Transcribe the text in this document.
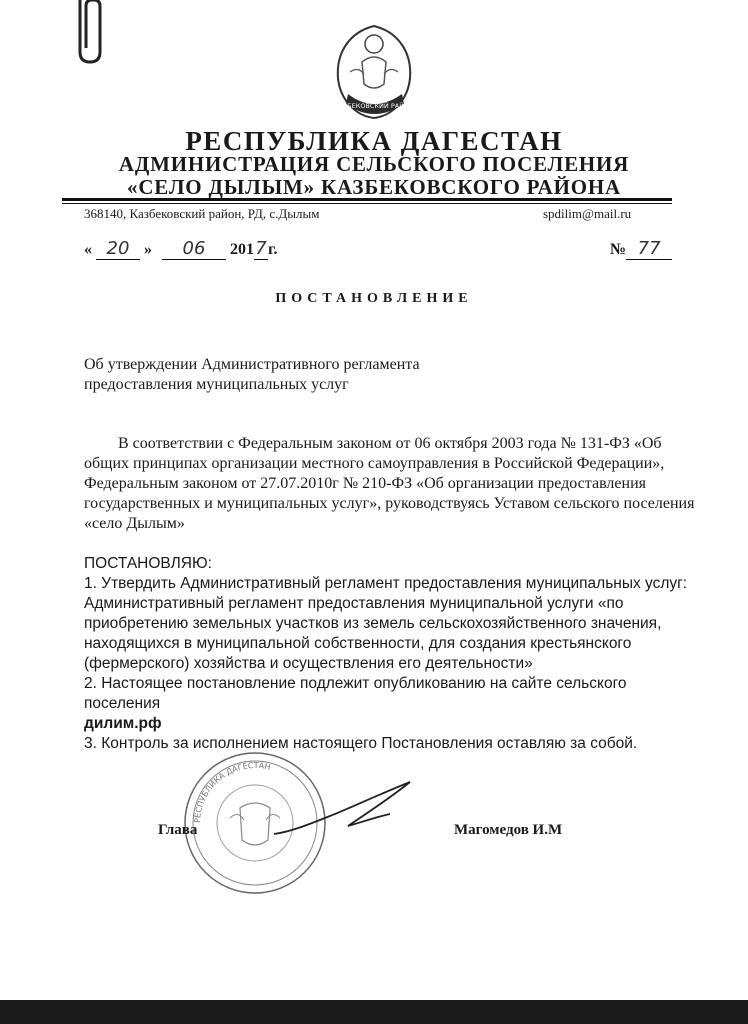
КАЗБЕКОВСКИЙ РАЙОН
РЕСПУБЛИКА ДАГЕСТАН
АДМИНИСТРАЦИЯ СЕЛЬСКОГО ПОСЕЛЕНИЯ
«СЕЛО ДЫЛЫМ» КАЗБЕКОВСКОГО РАЙОНА
368140, Казбековский район, РД, с.Дылым	spdilim@mail.ru
« 20 » 06 2017г.	№ 77
ПОСТАНОВЛЕНИЕ
Об утверждении Административного регламента
предоставления муниципальных услуг

В соответствии с Федеральным законом от 06 октября 2003 года № 131-ФЗ «Об общих принципах организации местного самоуправления в Российской Федерации», Федеральным законом от 27.07.2010г № 210-ФЗ «Об организации предоставления государственных и муниципальных услуг», руководствуясь Уставом сельского поселения «село Дылым»

ПОСТАНОВЛЯЮ:

1. Утвердить Административный регламент предоставления муниципальных услуг:

Административный регламент предоставления муниципальной услуги «по приобретению земельных участков из земель сельскохозяйственного значения, находящихся в муниципальной собственности, для создания крестьянского (фермерского) хозяйства и осуществления его деятельности»

2. Настоящее постановление подлежит опубликованию на сайте сельского поселения

дилим.рф

3. Контроль за исполнением настоящего Постановления оставляю за собой.

РЕСПУБЛИКА ДАГЕСТАН
Глава	Магомедов И.М
